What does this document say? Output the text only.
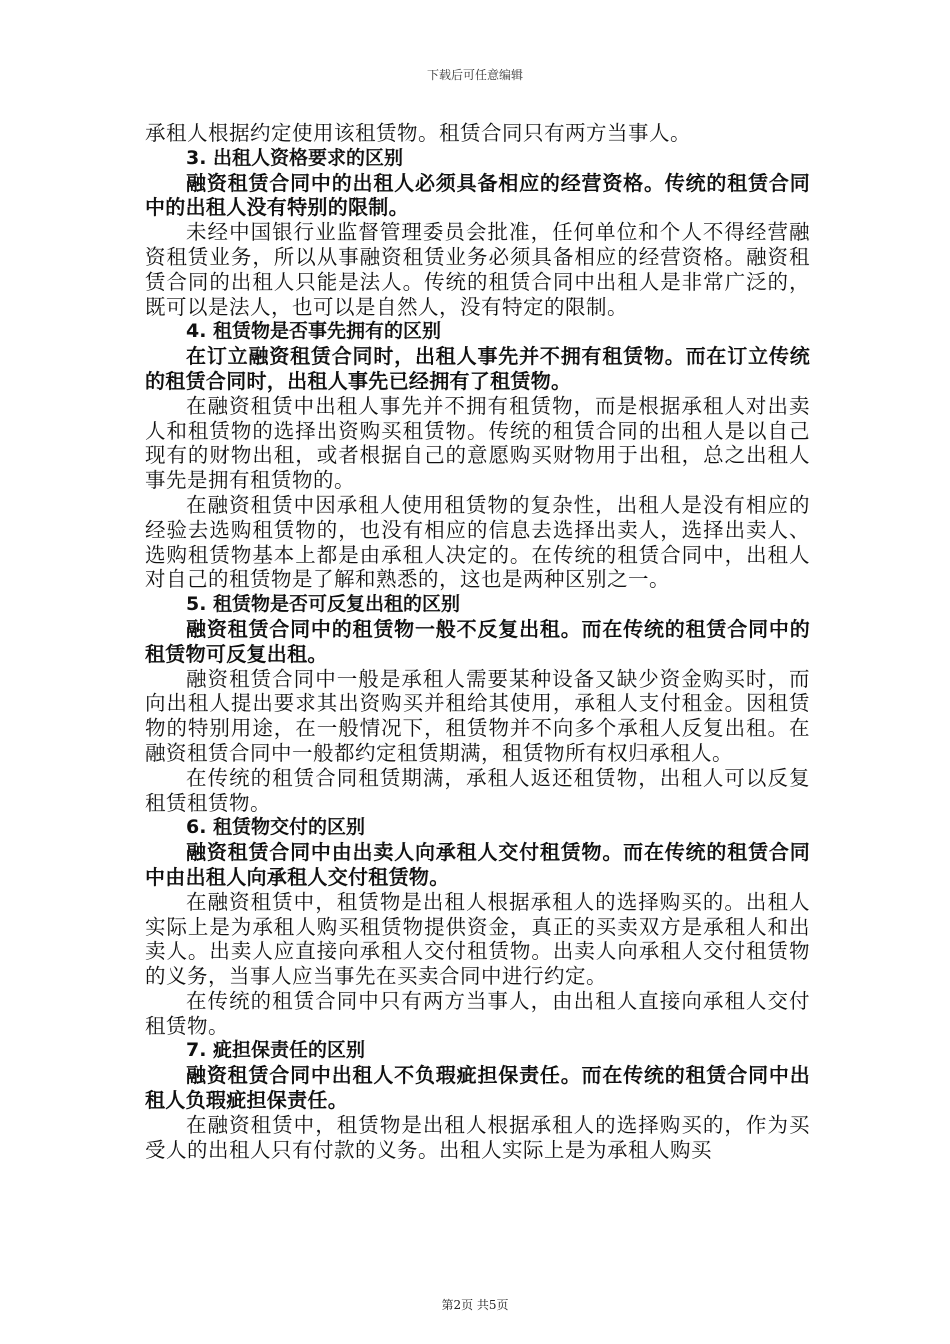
下载后可任意编辑

承租人根据约定使用该租赁物。租赁合同只有两方当事人。

3. 出租人资格要求的区别

融资租赁合同中的出租人必须具备相应的经营资格。传统的租赁合同中的出租人没有特别的限制。

未经中国银行业监督管理委员会批准，任何单位和个人不得经营融资租赁业务，所以从事融资租赁业务必须具备相应的经营资格。融资租赁合同的出租人只能是法人。传统的租赁合同中出租人是非常广泛的，既可以是法人，也可以是自然人，没有特定的限制。

4. 租赁物是否事先拥有的区别

在订立融资租赁合同时，出租人事先并不拥有租赁物。而在订立传统的租赁合同时，出租人事先已经拥有了租赁物。

在融资租赁中出租人事先并不拥有租赁物，而是根据承租人对出卖人和租赁物的选择出资购买租赁物。传统的租赁合同的出租人是以自己现有的财物出租，或者根据自己的意愿购买财物用于出租，总之出租人事先是拥有租赁物的。

在融资租赁中因承租人使用租赁物的复杂性，出租人是没有相应的经验去选购租赁物的，也没有相应的信息去选择出卖人，选择出卖人、选购租赁物基本上都是由承租人决定的。在传统的租赁合同中，出租人对自己的租赁物是了解和熟悉的，这也是两种区别之一。

5. 租赁物是否可反复出租的区别

融资租赁合同中的租赁物一般不反复出租。而在传统的租赁合同中的租赁物可反复出租。

融资租赁合同中一般是承租人需要某种设备又缺少资金购买时，而向出租人提出要求其出资购买并租给其使用，承租人支付租金。因租赁物的特别用途，在一般情况下，租赁物并不向多个承租人反复出租。在融资租赁合同中一般都约定租赁期满，租赁物所有权归承租人。

在传统的租赁合同租赁期满，承租人返还租赁物，出租人可以反复租赁租赁物。

6. 租赁物交付的区别

融资租赁合同中由出卖人向承租人交付租赁物。而在传统的租赁合同中由出租人向承租人交付租赁物。

在融资租赁中，租赁物是出租人根据承租人的选择购买的。出租人实际上是为承租人购买租赁物提供资金，真正的买卖双方是承租人和出卖人。出卖人应直接向承租人交付租赁物。出卖人向承租人交付租赁物的义务，当事人应当事先在买卖合同中进行约定。

在传统的租赁合同中只有两方当事人，由出租人直接向承租人交付租赁物。

7. 疵担保责任的区别

融资租赁合同中出租人不负瑕疵担保责任。而在传统的租赁合同中出租人负瑕疵担保责任。

在融资租赁中，租赁物是出租人根据承租人的选择购买的，作为买受人的出租人只有付款的义务。出租人实际上是为承租人购买

第2页 共5页
